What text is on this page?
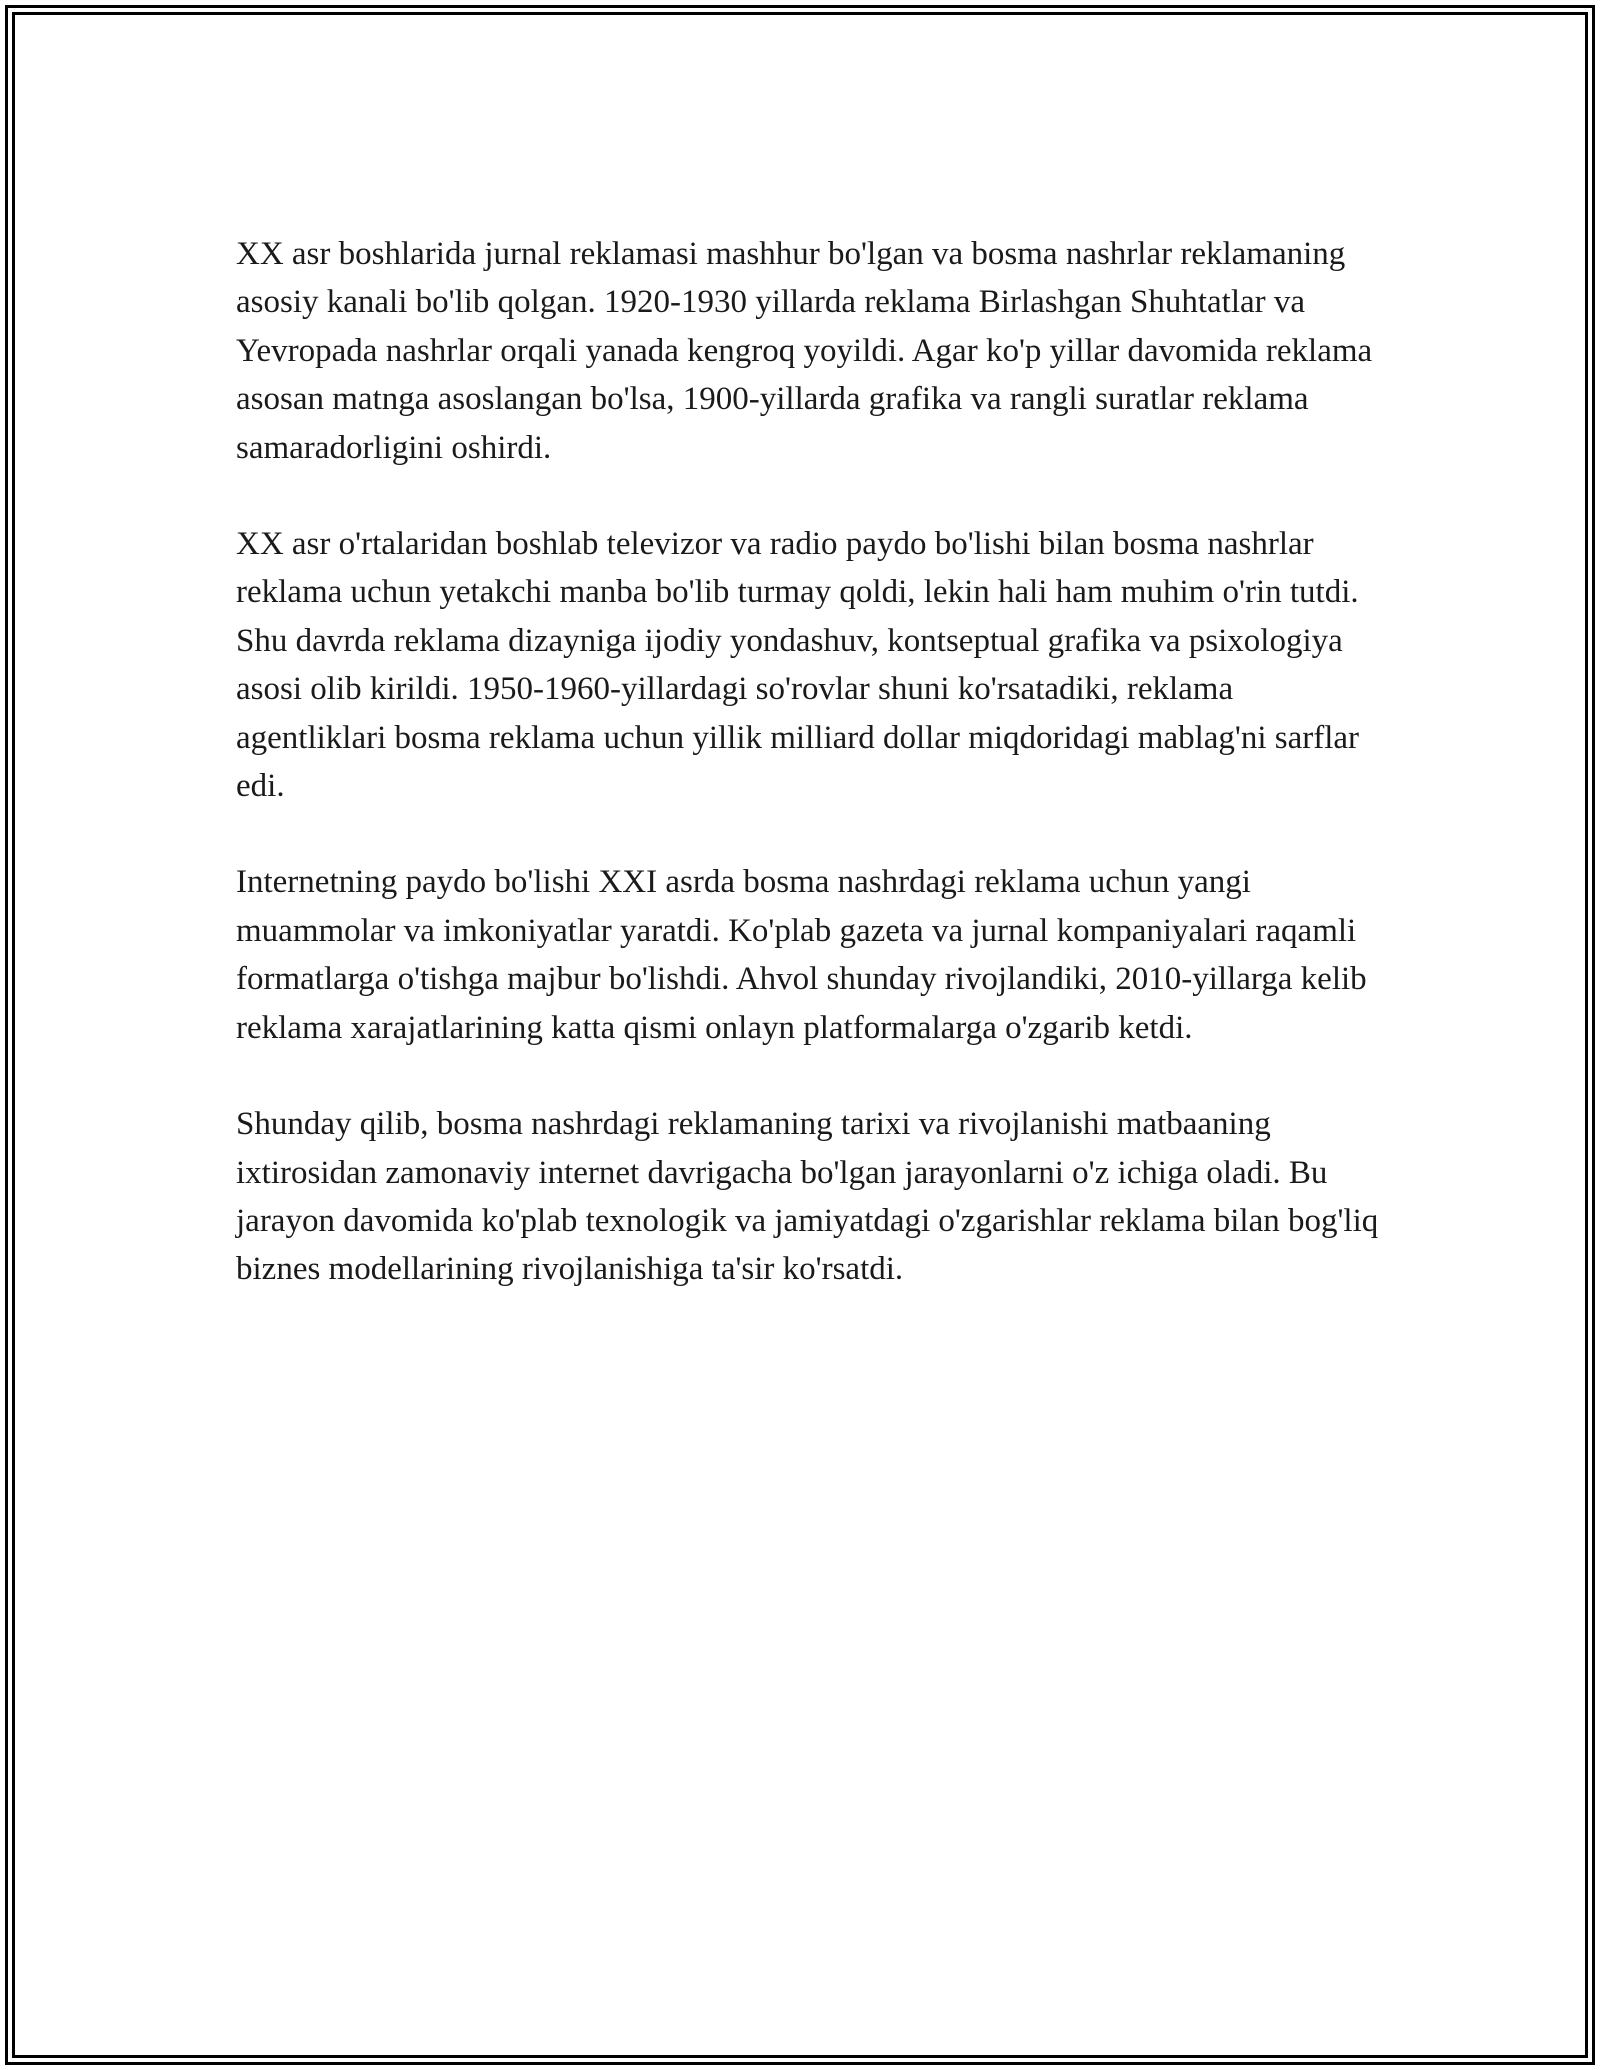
XX asr boshlarida jurnal reklamasi mashhur bo'lgan va bosma nashrlar reklamaning asosiy kanali bo'lib qolgan. 1920-1930 yillarda reklama Birlashgan Shuhtatlar va Yevropada nashrlar orqali yanada kengroq yoyildi. Agar ko'p yillar davomida reklama asosan matnga asoslangan bo'lsa, 1900-yillarda grafika va rangli suratlar reklama samaradorligini oshirdi.

XX asr o'rtalaridan boshlab televizor va radio paydo bo'lishi bilan bosma nashrlar reklama uchun yetakchi manba bo'lib turmay qoldi, lekin hali ham muhim o'rin tutdi. Shu davrda reklama dizayniga ijodiy yondashuv, kontseptual grafika va psixologiya asosi olib kirildi. 1950-1960-yillardagi so'rovlar shuni ko'rsatadiki, reklama agentliklari bosma reklama uchun yillik milliard dollar miqdoridagi mablag'ni sarflar edi.

Internetning paydo bo'lishi XXI asrda bosma nashrdagi reklama uchun yangi muammolar va imkoniyatlar yaratdi. Ko'plab gazeta va jurnal kompaniyalari raqamli formatlarga o'tishga majbur bo'lishdi. Ahvol shunday rivojlandiki, 2010-yillarga kelib reklama xarajatlarining katta qismi onlayn platformalarga o'zgarib ketdi.

Shunday qilib, bosma nashrdagi reklamaning tarixi va rivojlanishi matbaaning ixtirosidan zamonaviy internet davrigacha bo'lgan jarayonlarni o'z ichiga oladi. Bu jarayon davomida ko'plab texnologik va jamiyatdagi o'zgarishlar reklama bilan bog'liq biznes modellarining rivojlanishiga ta'sir ko'rsatdi.
